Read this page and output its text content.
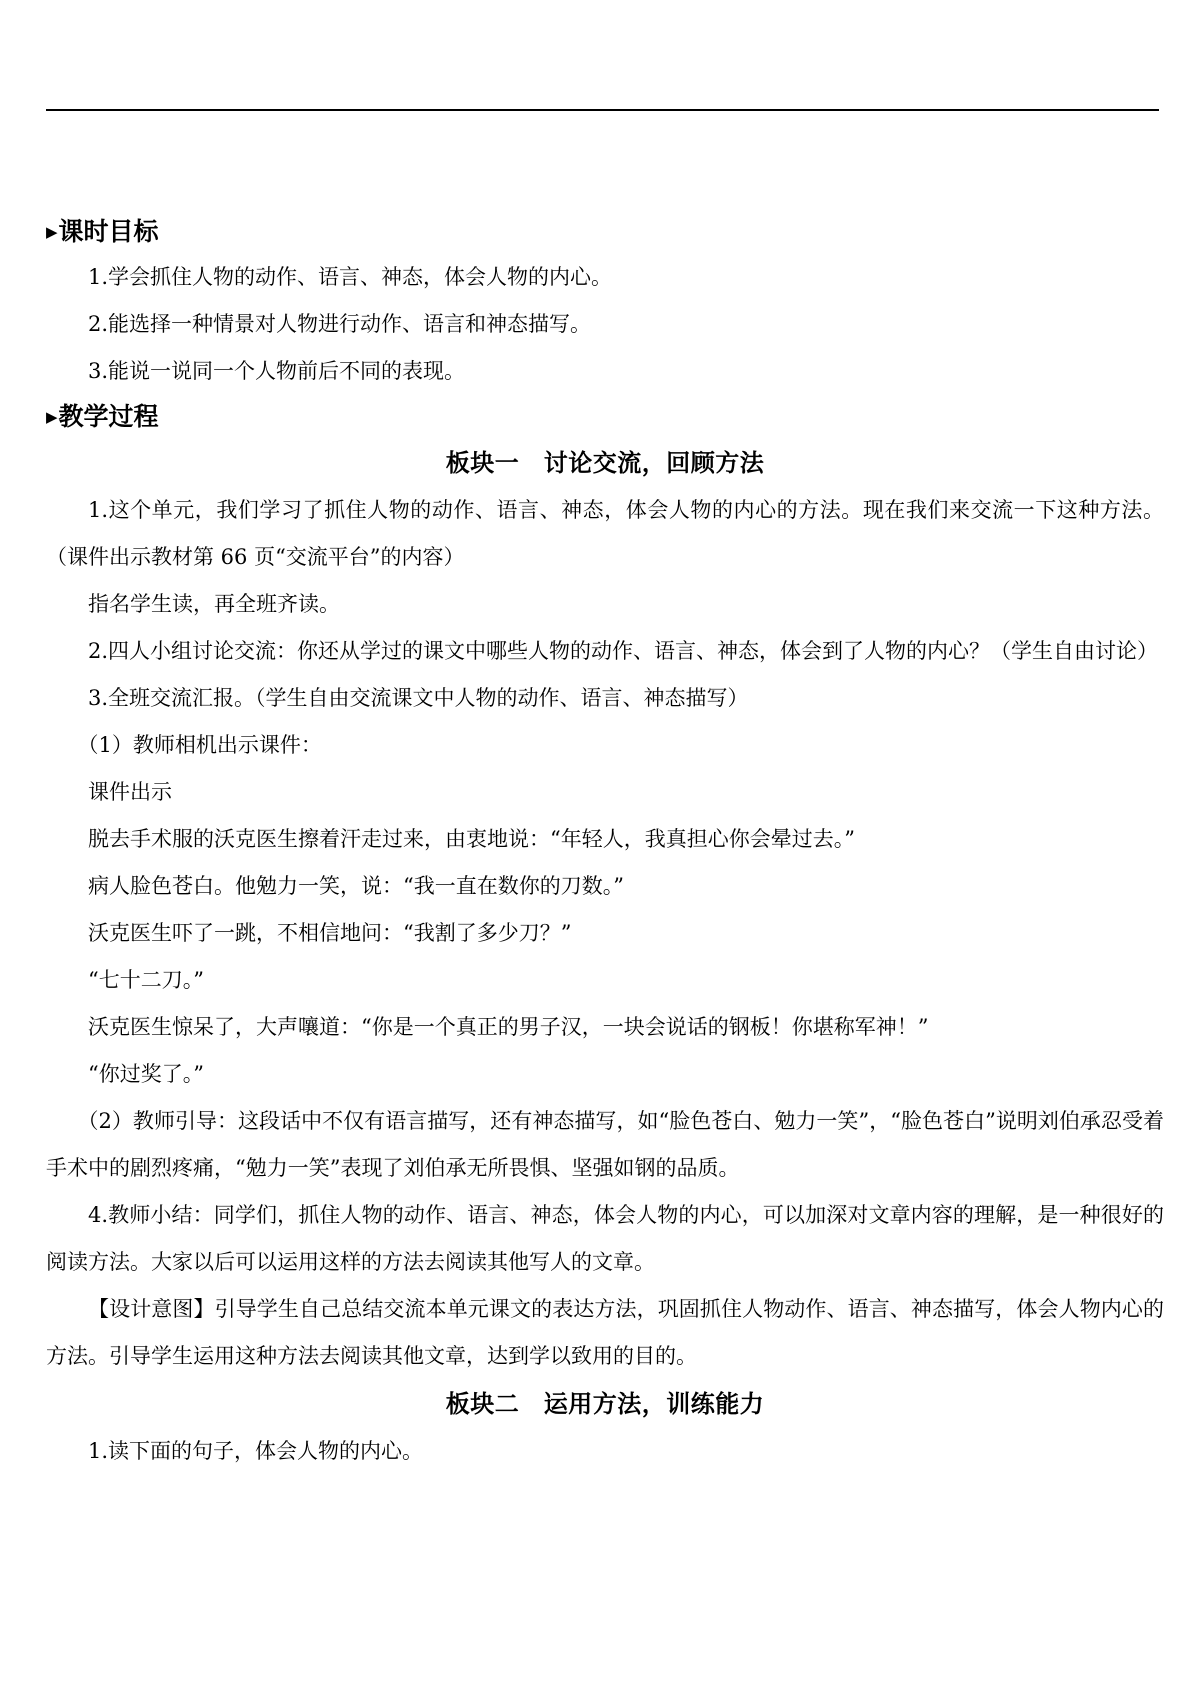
▶课时目标

1.学会抓住人物的动作、语言、神态，体会人物的内心。

2.能选择一种情景对人物进行动作、语言和神态描写。

3.能说一说同一个人物前后不同的表现。

▶教学过程
板块一　讨论交流，回顾方法

1.这个单元，我们学习了抓住人物的动作、语言、神态，体会人物的内心的方法。现在我们来交流一下这种方法。（课件出示教材第 66 页“交流平台”的内容）

指名学生读，再全班齐读。

2.四人小组讨论交流：你还从学过的课文中哪些人物的动作、语言、神态，体会到了人物的内心？（学生自由讨论）

3.全班交流汇报。（学生自由交流课文中人物的动作、语言、神态描写）

（1）教师相机出示课件：

课件出示

脱去手术服的沃克医生擦着汗走过来，由衷地说：“年轻人，我真担心你会晕过去。”

病人脸色苍白。他勉力一笑，说：“我一直在数你的刀数。”

沃克医生吓了一跳，不相信地问：“我割了多少刀？”

“七十二刀。”

沃克医生惊呆了，大声嚷道：“你是一个真正的男子汉，一块会说话的钢板！你堪称军神！”

“你过奖了。”

（2）教师引导：这段话中不仅有语言描写，还有神态描写，如“脸色苍白、勉力一笑”，“脸色苍白”说明刘伯承忍受着手术中的剧烈疼痛，“勉力一笑”表现了刘伯承无所畏惧、坚强如钢的品质。

4.教师小结：同学们，抓住人物的动作、语言、神态，体会人物的内心，可以加深对文章内容的理解，是一种很好的阅读方法。大家以后可以运用这样的方法去阅读其他写人的文章。

【设计意图】引导学生自己总结交流本单元课文的表达方法，巩固抓住人物动作、语言、神态描写，体会人物内心的方法。引导学生运用这种方法去阅读其他文章，达到学以致用的目的。

板块二　运用方法，训练能力

1.读下面的句子，体会人物的内心。
